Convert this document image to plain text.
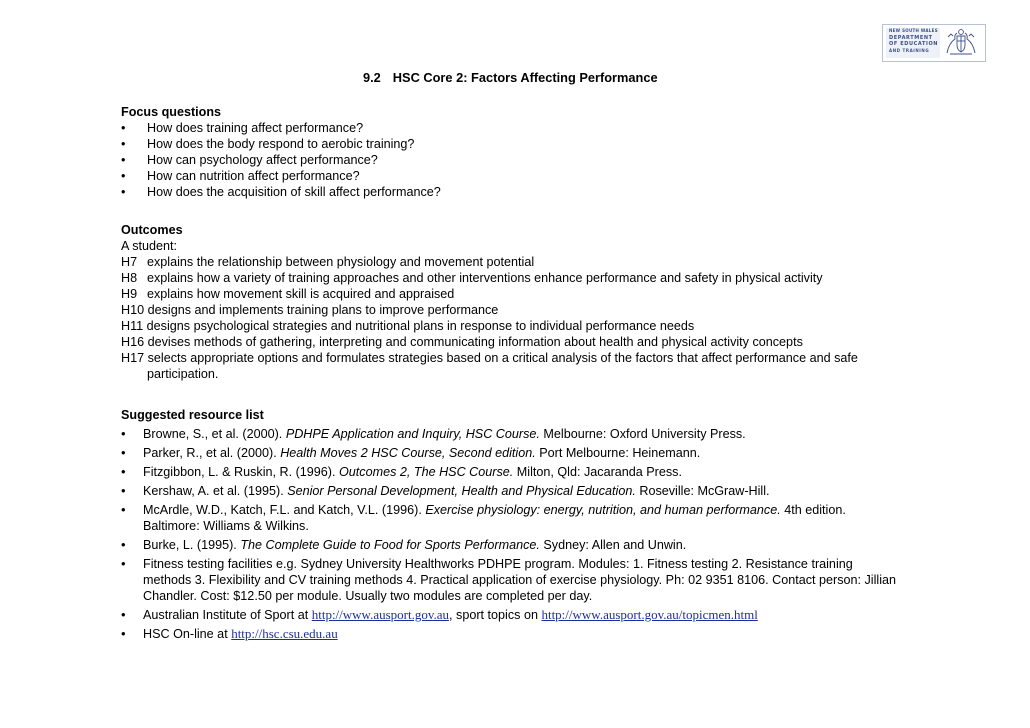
NEW SOUTH WALES
DEPARTMENT
OF EDUCATION
AND TRAINING
9.2 HSC Core 2: Factors Affecting Performance
Focus questions
•	How does training affect performance?
•	How does the body respond to aerobic training?
•	How can psychology affect performance?
•	How can nutrition affect performance?
•	How does the acquisition of skill affect performance?
Outcomes
A student:
H7 explains the relationship between physiology and movement potential
H8 explains how a variety of training approaches and other interventions enhance performance and safety in physical activity
H9 explains how movement skill is acquired and appraised
H10 designs and implements training plans to improve performance
H11 designs psychological strategies and nutritional plans in response to individual performance needs
H16 devises methods of gathering, interpreting and communicating information about health and physical activity concepts
H17 selects appropriate options and formulates strategies based on a critical analysis of the factors that affect performance and safe
participation.
Suggested resource list
•	Browne, S., et al. (2000). PDHPE Application and Inquiry, HSC Course. Melbourne: Oxford University Press.
•	Parker, R., et al. (2000). Health Moves 2 HSC Course, Second edition. Port Melbourne: Heinemann.
•	Fitzgibbon, L. & Ruskin, R. (1996). Outcomes 2, The HSC Course. Milton, Qld: Jacaranda Press.
•	Kershaw, A. et al. (1995). Senior Personal Development, Health and Physical Education. Roseville: McGraw-Hill.
•	McArdle, W.D., Katch, F.L. and Katch, V.L. (1996). Exercise physiology: energy, nutrition, and human performance. 4th edition. Baltimore: Williams & Wilkins.
•	Burke, L. (1995). The Complete Guide to Food for Sports Performance. Sydney: Allen and Unwin.
•	Fitness testing facilities e.g. Sydney University Healthworks PDHPE program. Modules: 1. Fitness testing 2. Resistance training methods 3. Flexibility and CV training methods 4. Practical application of exercise physiology. Ph: 02 9351 8106. Contact person: Jillian Chandler. Cost: $12.50 per module. Usually two modules are completed per day.
•	Australian Institute of Sport at http://www.ausport.gov.au, sport topics on http://www.ausport.gov.au/topicmen.html
•	HSC On-line at http://hsc.csu.edu.au
